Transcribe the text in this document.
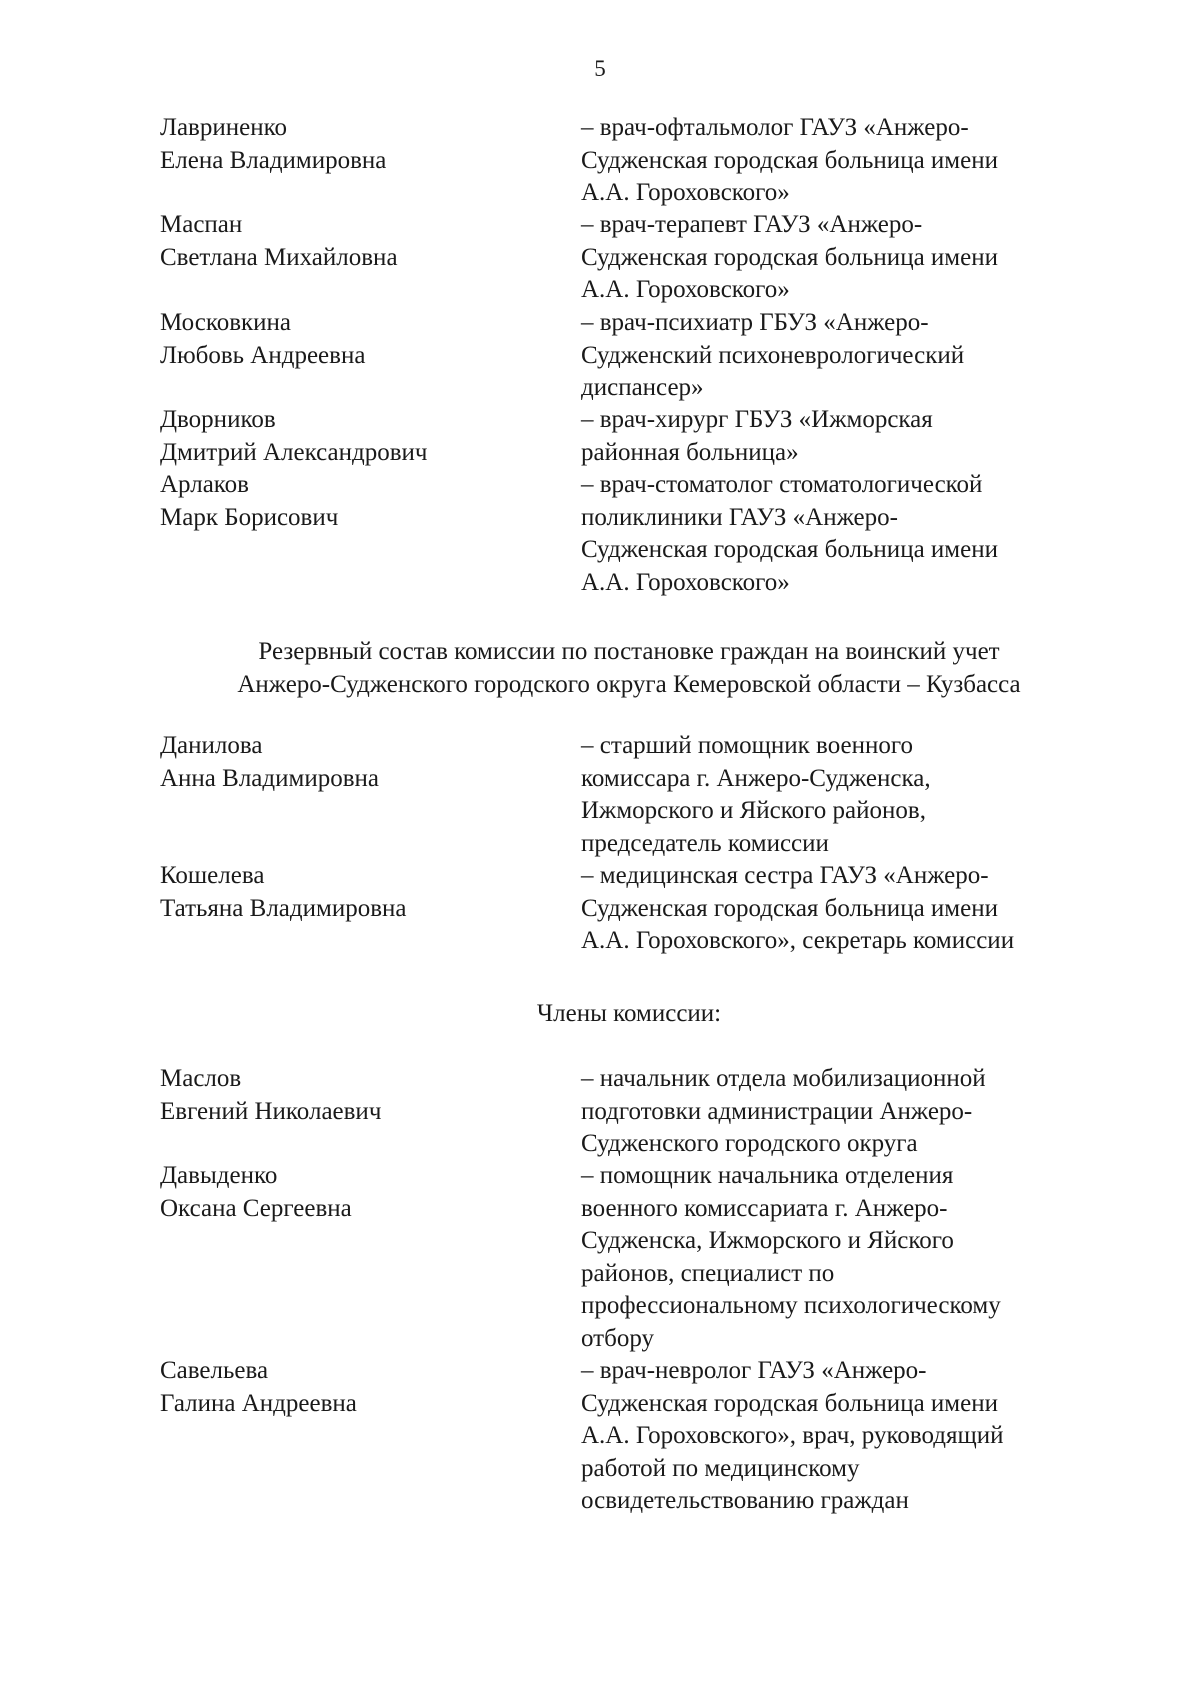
5
Лавриненко
Елена Владимировна
– врач-офтальмолог ГАУЗ «Анжеро-
Судженская городская больница имени
А.А. Гороховского»
Маспан
Светлана Михайловна
– врач-терапевт ГАУЗ «Анжеро-
Судженская городская больница имени
А.А. Гороховского»
Московкина
Любовь Андреевна
– врач-психиатр ГБУЗ «Анжеро-
Судженский психоневрологический
диспансер»
Дворников
Дмитрий Александрович
– врач-хирург ГБУЗ «Ижморская
районная больница»
Арлаков
Марк Борисович
– врач-стоматолог стоматологической
поликлиники ГАУЗ «Анжеро-
Судженская городская больница имени
А.А. Гороховского»
Резервный состав комиссии по постановке граждан на воинский учет
Анжеро-Судженского городского округа Кемеровской области – Кузбасса
Данилова
Анна Владимировна
– старший помощник военного
комиссара г. Анжеро-Судженска,
Ижморского и Яйского районов,
председатель комиссии
Кошелева
Татьяна Владимировна
– медицинская сестра ГАУЗ «Анжеро-
Судженская городская больница имени
А.А. Гороховского», секретарь комиссии
Члены комиссии:
Маслов
Евгений Николаевич
– начальник отдела мобилизационной
подготовки администрации Анжеро-
Судженского городского округа
Давыденко
Оксана Сергеевна
– помощник начальника отделения
военного комиссариата г. Анжеро-
Судженска, Ижморского и Яйского
районов, специалист по
профессиональному психологическому
отбору
Савельева
Галина Андреевна
– врач-невролог ГАУЗ «Анжеро-
Судженская городская больница имени
А.А. Гороховского», врач, руководящий
работой по медицинскому
освидетельствованию граждан
